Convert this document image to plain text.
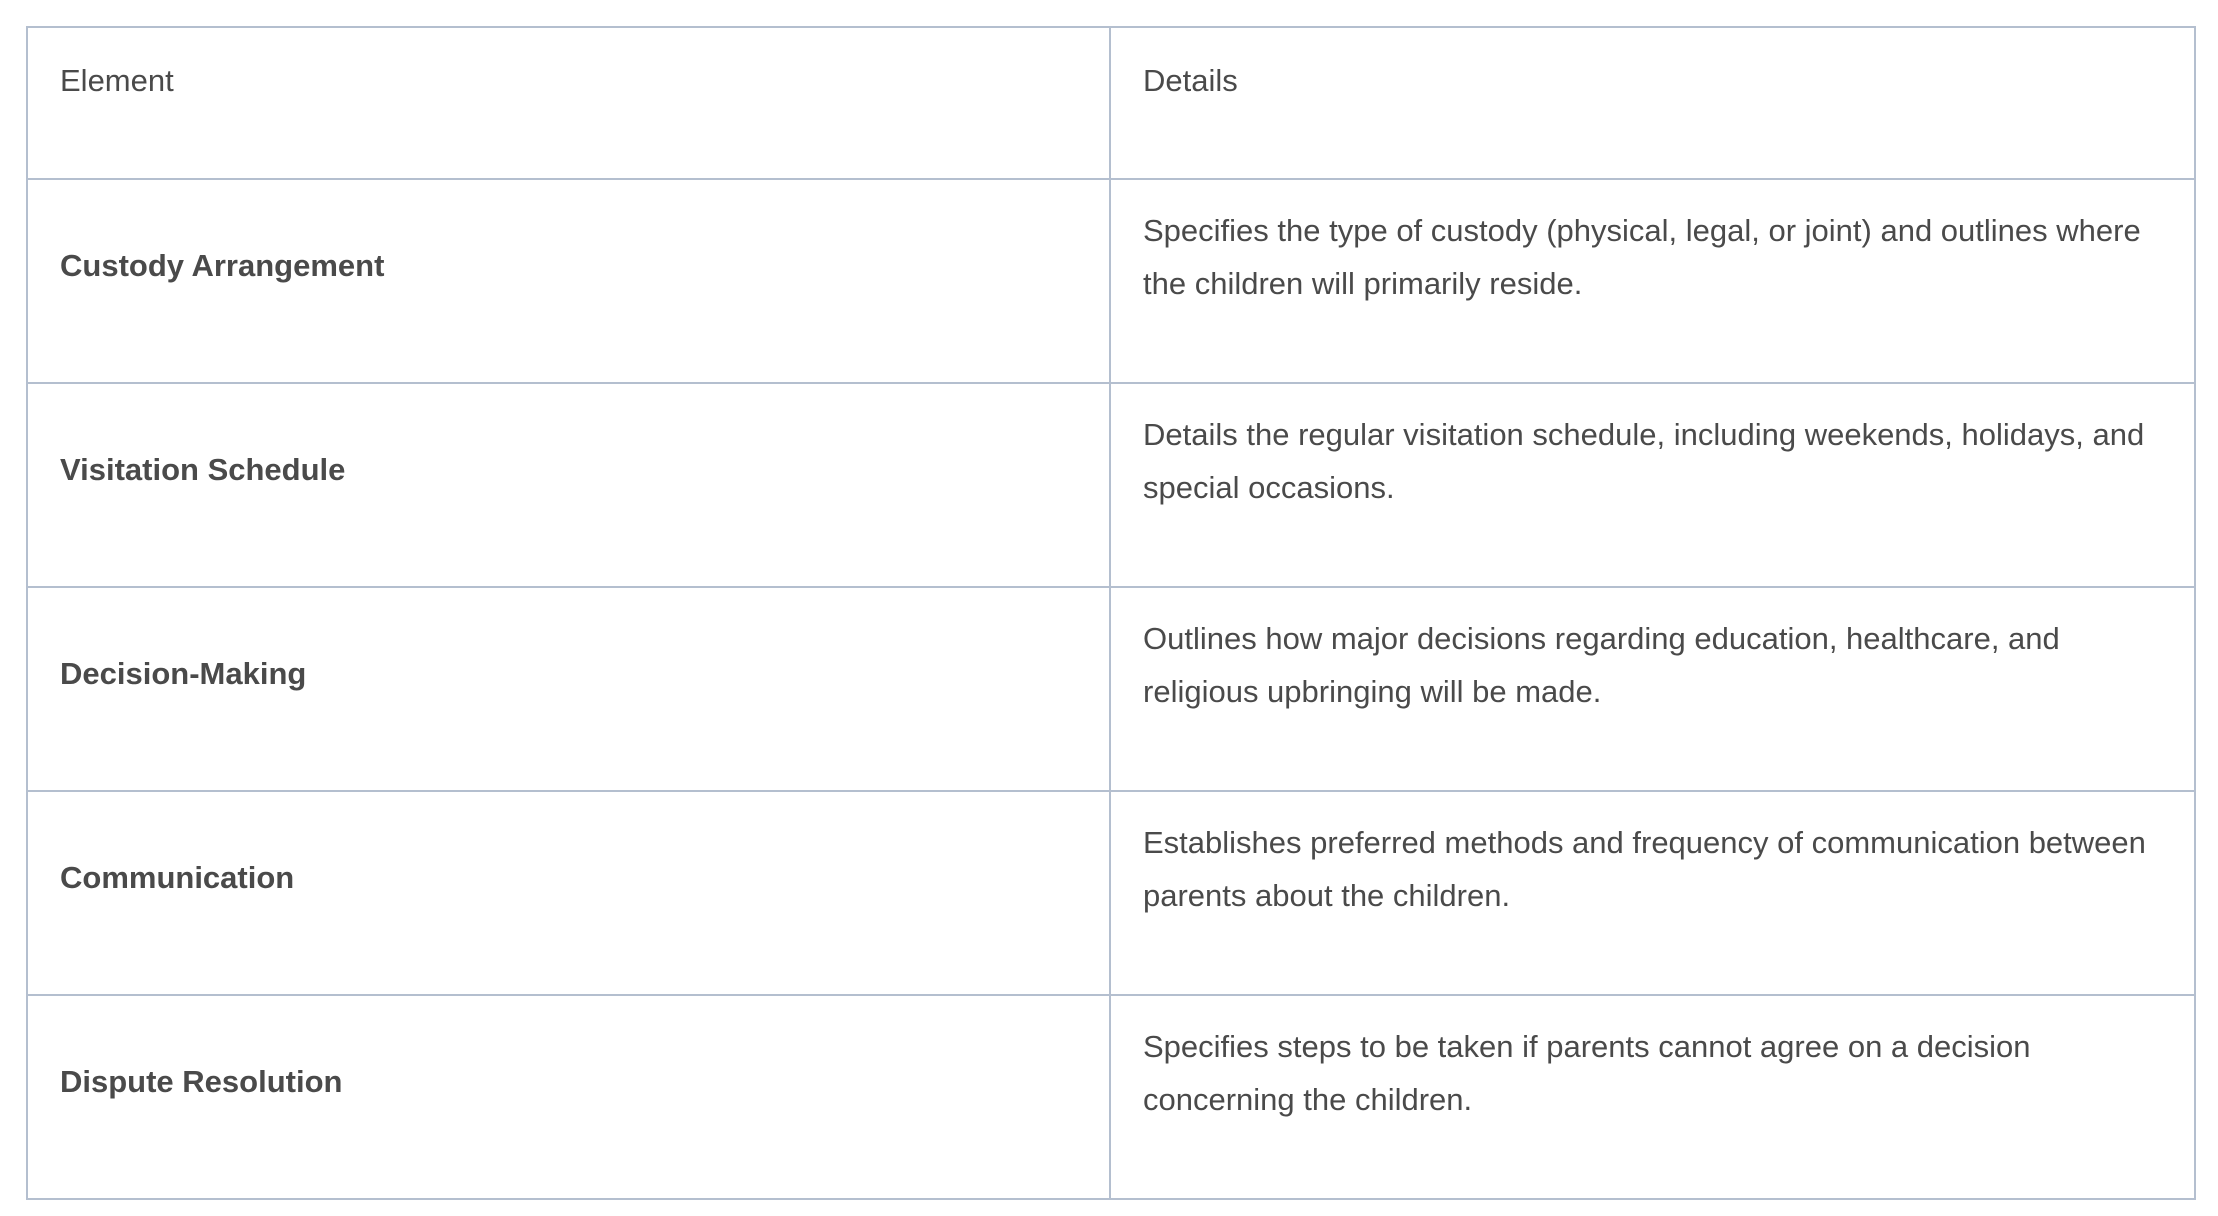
Element	Details
Custody Arrangement	Specifies the type of custody (physical, legal, or joint) and outlines where the children will primarily reside.
Visitation Schedule	Details the regular visitation schedule, including weekends, holidays, and special occasions.
Decision-Making	Outlines how major decisions regarding education, healthcare, and religious upbringing will be made.
Communication	Establishes preferred methods and frequency of communication between parents about the children.
Dispute Resolution	Specifies steps to be taken if parents cannot agree on a decision concerning the children.
